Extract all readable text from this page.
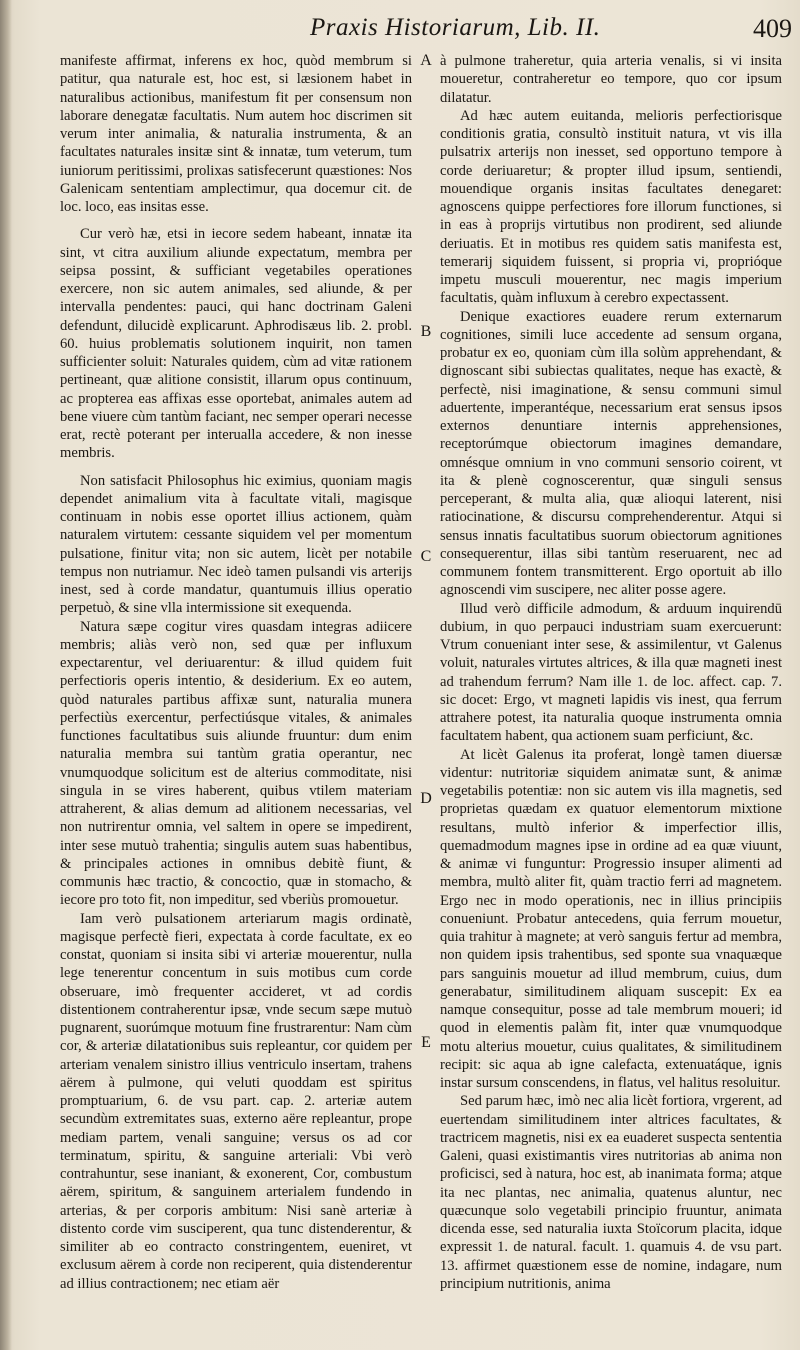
Praxis Historiarum, Lib. II.	409

manifeste affirmat, inferens ex hoc, quòd membrum si patitur, qua naturale est, hoc est, si læsionem habet in naturalibus actionibus, manifestum fit per consensum non laborare denegatæ facultatis. Num autem hoc discrimen sit verum inter animalia, & naturalia instrumenta, & an facultates naturales insitæ sint & innatæ, tum veterum, tum iuniorum peritissimi, prolixas satisfecerunt quæstiones: Nos Galenicam sententiam amplectimur, qua docemur cit. de loc. loco, eas insitas esse.

Cur verò hæ, etsi in iecore sedem habeant, innatæ ita sint, vt citra auxilium aliunde expectatum, membra per seipsa possint, & sufficiant vegetabiles operationes exercere, non sic autem animales, sed aliunde, & per intervalla pendentes: pauci, qui hanc doctrinam Galeni defendunt, dilucidè explicarunt. Aphrodisæus lib. 2. probl. 60. huius problematis solutionem inquirit, non tamen sufficienter soluit: Naturales quidem, cùm ad vitæ rationem pertineant, quæ alitione consistit, illarum opus continuum, ac propterea eas affixas esse oportebat, animales autem ad bene viuere cùm tantùm faciant, nec semper operari necesse erat, rectè poterant per interualla accedere, & non inesse membris.

Non satisfacit Philosophus hic eximius, quoniam magis dependet animalium vita à facultate vitali, magisque continuam in nobis esse oportet illius actionem, quàm naturalem virtutem: cessante siquidem vel per momentum pulsatione, finitur vita; non sic autem, licèt per notabile tempus non nutriamur. Nec ideò tamen pulsandi vis arterijs inest, sed à corde mandatur, quantumuis illius operatio perpetuò, & sine vlla intermissione sit exequenda.

Natura sæpe cogitur vires quasdam integras adiicere membris; aliàs verò non, sed quæ per influxum expectarentur, vel deriuarentur: & illud quidem fuit perfectioris operis intentio, & desiderium. Ex eo autem, quòd naturales partibus affixæ sunt, naturalia munera perfectiùs exercentur, perfectiúsque vitales, & animales functiones facultatibus suis aliunde fruuntur: dum enim naturalia membra sui tantùm gratia operantur, nec vnumquodque solicitum est de alterius commoditate, nisi singula in se vires haberent, quibus vtilem materiam attraherent, & alias demum ad alitionem necessarias, vel non nutrirentur omnia, vel saltem in opere se impedirent, inter sese mutuò trahentia; singulis autem suas habentibus, & principales actiones in omnibus debitè fiunt, & communis hæc tractio, & concoctio, quæ in stomacho, & iecore pro toto fit, non impeditur, sed vberiùs promouetur.

Iam verò pulsationem arteriarum magis ordinatè, magisque perfectè fieri, expectata à corde facultate, ex eo constat, quoniam si insita sibi vi arteriæ mouerentur, nulla lege tenerentur concentum in suis motibus cum corde obseruare, imò frequenter accideret, vt ad cordis distentionem contraherentur ipsæ, vnde secum sæpe mutuò pugnarent, suorúmque motuum fine frustrarentur: Nam cùm cor, & arteriæ dilatationibus suis repleantur, cor quidem per arteriam venalem sinistro illius ventriculo insertam, trahens aërem à pulmone, qui veluti quoddam est spiritus promptuarium, 6. de vsu part. cap. 2. arteriæ autem secundùm extremitates suas, externo aëre repleantur, prope mediam partem, venali sanguine; versus os ad cor terminatum, spiritu, & sanguine arteriali: Vbi verò contrahuntur, sese inaniant, & exonerent, Cor, combustum aërem, spiritum, & sanguinem arterialem fundendo in arterias, & per corporis ambitum: Nisi sanè arteriæ à distento corde vim susciperent, qua tunc distenderentur, & similiter ab eo contracto constringentem, eueniret, vt exclusum aërem à corde non reciperent, quia distenderentur ad illius contractionem; nec etiam aër

A
B
C
D
E

à pulmone traheretur, quia arteria venalis, si vi insita moueretur, contraheretur eo tempore, quo cor ipsum dilatatur.

Ad hæc autem euitanda, melioris perfectiorisque conditionis gratia, consultò instituit natura, vt vis illa pulsatrix arterijs non inesset, sed opportuno tempore à corde deriuaretur; & propter illud ipsum, sentiendi, mouendique organis insitas facultates denegaret: agnoscens quippe perfectiores fore illorum functiones, si in eas à proprijs virtutibus non prodirent, sed aliunde deriuatis. Et in motibus res quidem satis manifesta est, temerarij siquidem fuissent, si propria vi, proprióque impetu musculi mouerentur, nec magis imperium facultatis, quàm influxum à cerebro expectassent.

Denique exactiores euadere rerum externarum cognitiones, simili luce accedente ad sensum organa, probatur ex eo, quoniam cùm illa solùm apprehendant, & dignoscant sibi subiectas qualitates, neque has exactè, & perfectè, nisi imaginatione, & sensu communi simul aduertente, imperantéque, necessarium erat sensus ipsos externos denuntiare internis apprehensiones, receptorúmque obiectorum imagines demandare, omnésque omnium in vno communi sensorio coirent, vt ita & plenè cognoscerentur, quæ singuli sensus perceperant, & multa alia, quæ alioqui laterent, nisi ratiocinatione, & discursu comprehenderentur. Atqui si sensus innatis facultatibus suorum obiectorum agnitiones consequerentur, illas sibi tantùm reseruarent, nec ad communem fontem transmitterent. Ergo oportuit ab illo agnoscendi vim suscipere, nec aliter posse agere.

Illud verò difficile admodum, & arduum inquirendū dubium, in quo perpauci industriam suam exercuerunt: Vtrum conueniant inter sese, & assimilentur, vt Galenus voluit, naturales virtutes altrices, & illa quæ magneti inest ad trahendum ferrum? Nam ille 1. de loc. affect. cap. 7. sic docet: Ergo, vt magneti lapidis vis inest, qua ferrum attrahere potest, ita naturalia quoque instrumenta omnia facultatem habent, qua actionem suam perficiunt, &c.

At licèt Galenus ita proferat, longè tamen diuersæ videntur: nutritoriæ siquidem animatæ sunt, & animæ vegetabilis potentiæ: non sic autem vis illa magnetis, sed proprietas quædam ex quatuor elementorum mixtione resultans, multò inferior & imperfectior illis, quemadmodum magnes ipse in ordine ad ea quæ viuunt, & animæ vi funguntur: Progressio insuper alimenti ad membra, multò aliter fit, quàm tractio ferri ad magnetem. Ergo nec in modo operationis, nec in illius principiis conueniunt. Probatur antecedens, quia ferrum mouetur, quia trahitur à magnete; at verò sanguis fertur ad membra, non quidem ipsis trahentibus, sed sponte sua vnaquæque pars sanguinis mouetur ad illud membrum, cuius, dum generabatur, similitudinem aliquam suscepit: Ex ea namque consequitur, posse ad tale membrum moueri; id quod in elementis palàm fit, inter quæ vnumquodque motu alterius mouetur, cuius qualitates, & similitudinem recipit: sic aqua ab igne calefacta, extenuatáque, ignis instar sursum conscendens, in flatus, vel halitus resoluitur.

Sed parum hæc, imò nec alia licèt fortiora, vrgerent, ad euertendam similitudinem inter altrices facultates, & tractricem magnetis, nisi ex ea euaderet suspecta sententia Galeni, quasi existimantis vires nutritorias ab anima non proficisci, sed à natura, hoc est, ab inanimata forma; atque ita nec plantas, nec animalia, quatenus aluntur, nec quæcunque solo vegetabili principio fruuntur, animata dicenda esse, sed naturalia iuxta Stoïcorum placita, idque expressit 1. de natural. facult. 1. quamuis 4. de vsu part. 13. affirmet quæstionem esse de nomine, indagare, num principium nutritionis, anima
